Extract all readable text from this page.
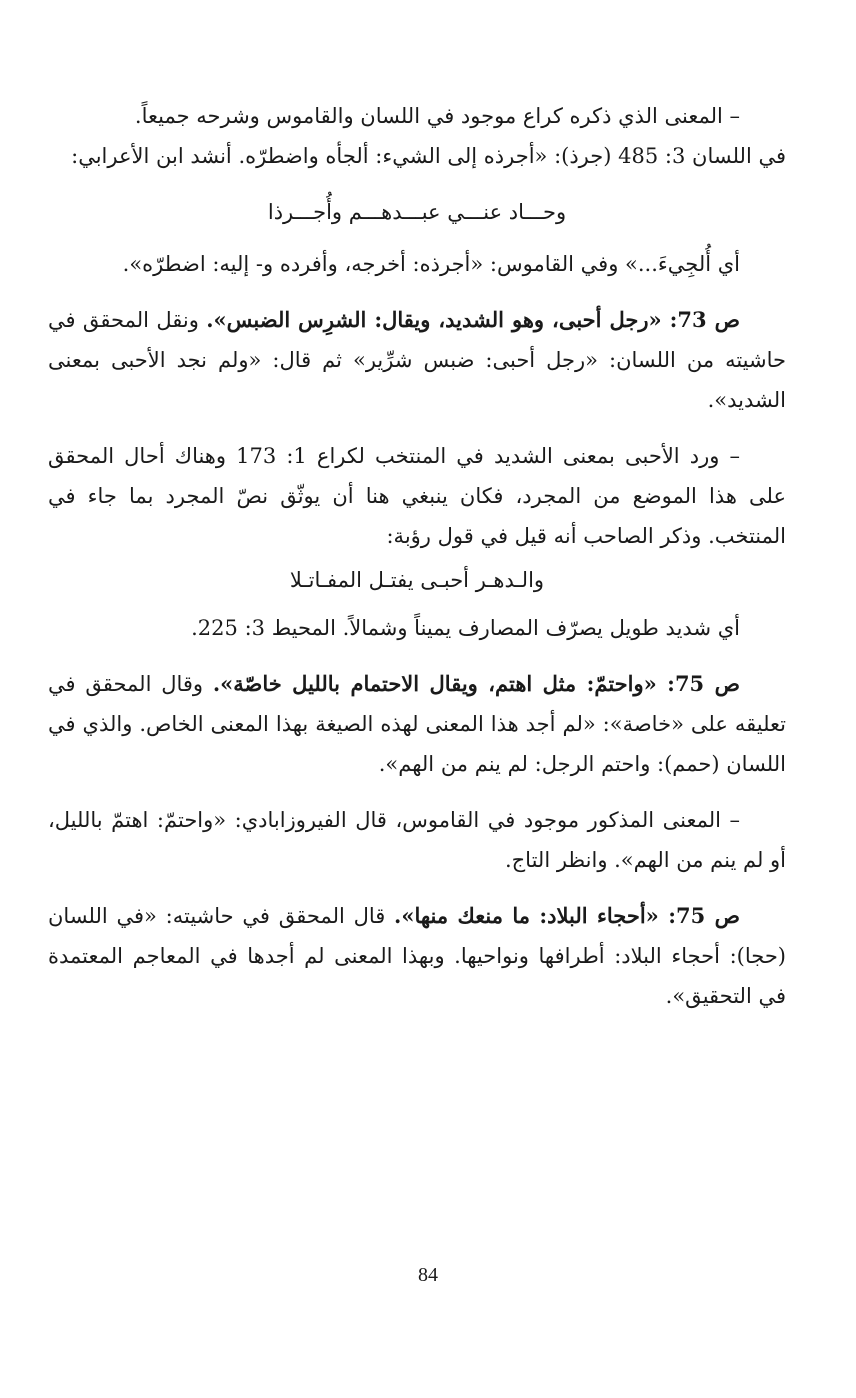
– المعنى الذي ذكره كراع موجود في اللسان والقاموس وشرحه جميعاً.
في اللسان 3: 485 (جرذ): «أجرذه إلى الشيء: ألجأه واضطرّه. أنشد ابن الأعرابي:

وحـــاد عنـــي عبـــدهـــم وأُجـــرذا

أي أُلجِيءَ...» وفي القاموس: «أجرذه: أخرجه، وأفرده و- إليه: اضطرّه».

ص 73: «رجل أحبى، وهو الشديد، ويقال: الشرِس الضبس». ونقل المحقق في حاشيته من اللسان: «رجل أحبى: ضبس شرِّير» ثم قال: «ولم نجد الأحبى بمعنى الشديد».

– ورد الأحبى بمعنى الشديد في المنتخب لكراع 1: 173 وهناك أحال المحقق على هذا الموضع من المجرد، فكان ينبغي هنا أن يوثّق نصّ المجرد بما جاء في المنتخب. وذكر الصاحب أنه قيل في قول رؤبة:

والـدهـر أحبـى يفتـل المفـاتـلا

أي شديد طويل يصرّف المصارف يميناً وشمالاً. المحيط 3: 225.

ص 75: «واحتمّ: مثل اهتم، ويقال الاحتمام بالليل خاصّة». وقال المحقق في تعليقه على «خاصة»: «لم أجد هذا المعنى لهذه الصيغة بهذا المعنى الخاص. والذي في اللسان (حمم): واحتم الرجل: لم ينم من الهم».

– المعنى المذكور موجود في القاموس، قال الفيروزابادي: «واحتمّ: اهتمّ بالليل، أو لم ينم من الهم». وانظر التاج.

ص 75: «أحجاء البلاد: ما منعك منها». قال المحقق في حاشيته: «في اللسان (حجا): أحجاء البلاد: أطرافها ونواحيها. وبهذا المعنى لم أجدها في المعاجم المعتمدة في التحقيق».

84
